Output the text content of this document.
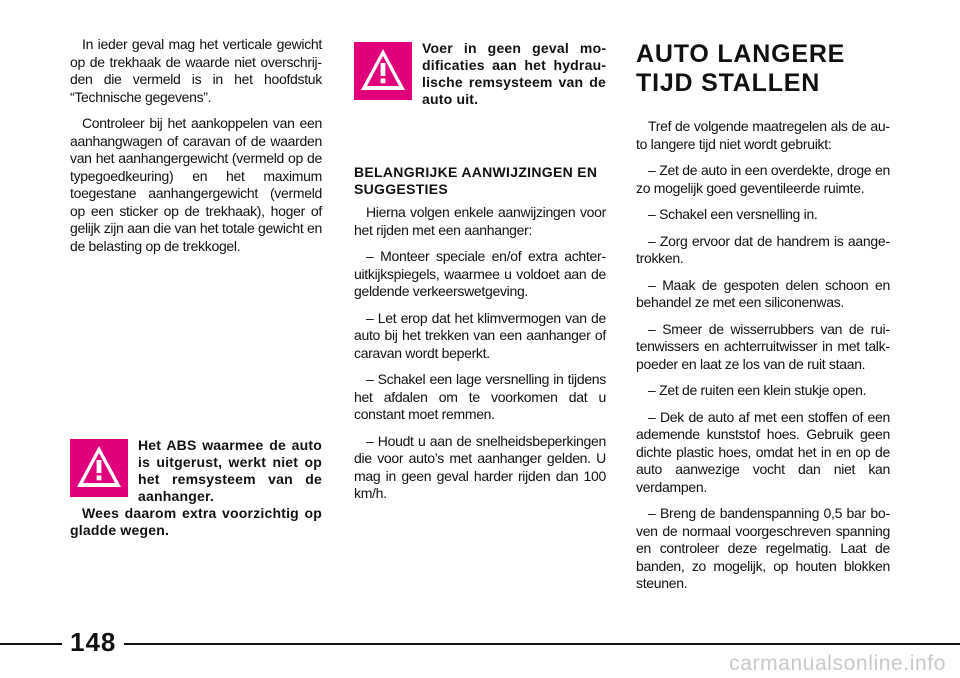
In ieder geval mag het verticale gewicht op de trekhaak de waarde niet overschrijden die vermeld is in het hoofdstuk “Technische gegevens”.

Controleer bij het aankoppelen van een aanhangwagen of caravan of de waarden van het aanhangergewicht (vermeld op de typegoedkeuring) en het maximum toegestane aanhangergewicht (vermeld op een sticker op de trekhaak), hoger of gelijk zijn aan die van het totale gewicht en de belasting op de trekkogel.

Het ABS waarmee de auto is uitgerust, werkt niet op het remsysteem van de aanhanger.

Wees daarom extra voorzichtig op gladde wegen.

Voer in geen geval modificaties aan het hydraulische remsysteem van de auto uit.

BELANGRIJKE AANWIJZINGEN EN SUGGESTIES

Hierna volgen enkele aanwijzingen voor het rijden met een aanhanger:

– Monteer speciale en/of extra achteruitkijkspiegels, waarmee u voldoet aan de geldende verkeerswetgeving.

– Let erop dat het klimvermogen van de auto bij het trekken van een aanhanger of caravan wordt beperkt.

– Schakel een lage versnelling in tijdens het afdalen om te voorkomen dat u constant moet remmen.

– Houdt u aan de snelheidsbeperkingen die voor auto’s met aanhanger gelden. U mag in geen geval harder rijden dan 100 km/h.

AUTO LANGERE TIJD STALLEN

Tref de volgende maatregelen als de auto langere tijd niet wordt gebruikt:

– Zet de auto in een overdekte, droge en zo mogelijk goed geventileerde ruimte.

– Schakel een versnelling in.

– Zorg ervoor dat de handrem is aangetrokken.

– Maak de gespoten delen schoon en behandel ze met een siliconenwas.

– Smeer de wisserrubbers van de ruitenwissers en achterruitwisser in met talkpoeder en laat ze los van de ruit staan.

– Zet de ruiten een klein stukje open.

– Dek de auto af met een stoffen of een ademende kunststof hoes. Gebruik geen dichte plastic hoes, omdat het in en op de auto aanwezige vocht dan niet kan verdampen.

– Breng de bandenspanning 0,5 bar boven de normaal voorgeschreven spanning en controleer deze regelmatig. Laat de banden, zo mogelijk, op houten blokken steunen.

148
carmanualsonline.info
